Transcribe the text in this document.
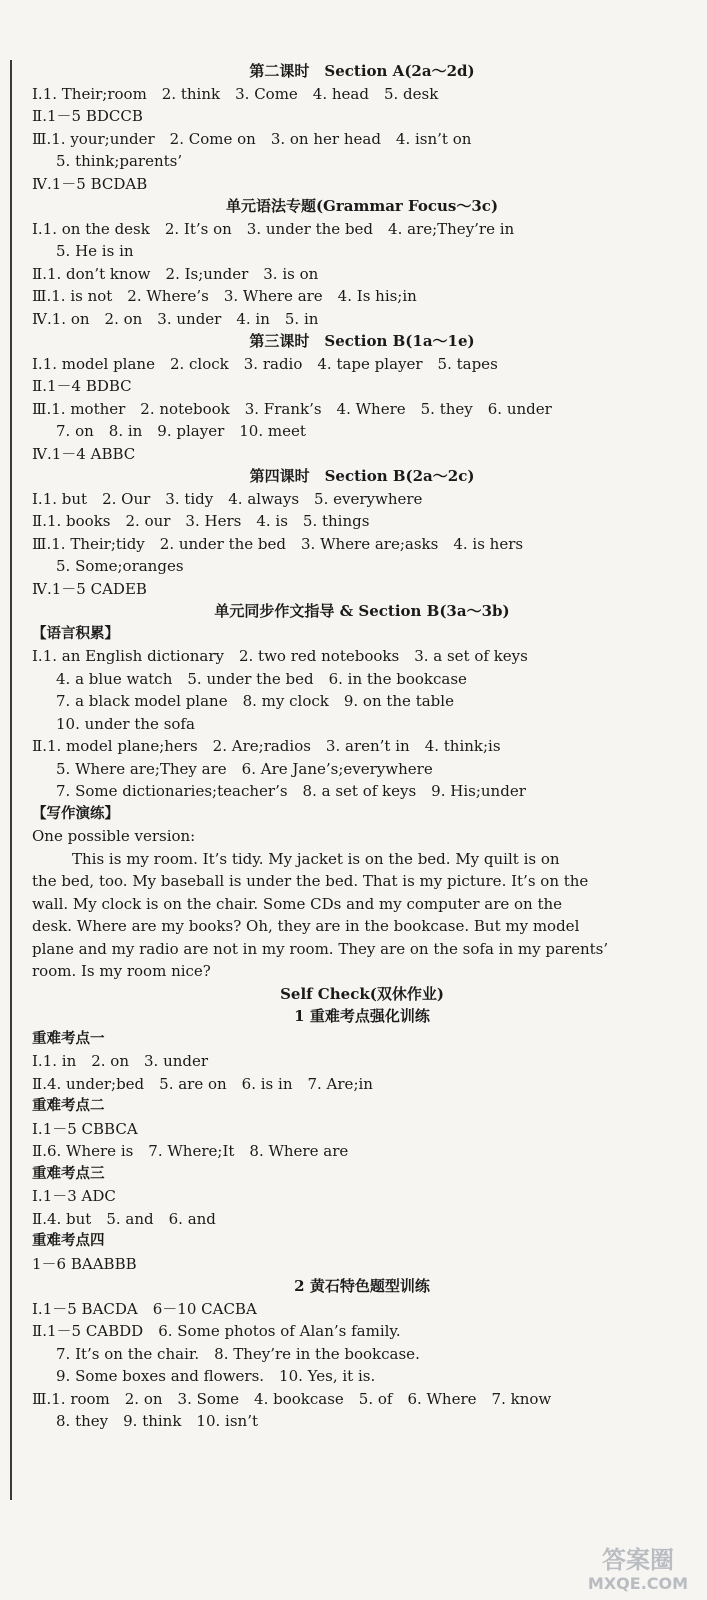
第二课时　Section A(2a～2d)
Ⅰ.1. Their;room　2. think　3. Come　4. head　5. desk
Ⅱ.1－5 BDCCB
Ⅲ.1. your;under　2. Come on　3. on her head　4. isn’t on
5. think;parents’
Ⅳ.1－5 BCDAB
单元语法专题(Grammar Focus～3c)
Ⅰ.1. on the desk　2. It’s on　3. under the bed　4. are;They’re in
5. He is in
Ⅱ.1. don’t know　2. Is;under　3. is on
Ⅲ.1. is not　2. Where’s　3. Where are　4. Is his;in
Ⅳ.1. on　2. on　3. under　4. in　5. in
第三课时　Section B(1a～1e)
Ⅰ.1. model plane　2. clock　3. radio　4. tape player　5. tapes
Ⅱ.1－4 BDBC
Ⅲ.1. mother　2. notebook　3. Frank’s　4. Where　5. they　6. under
7. on　8. in　9. player　10. meet
Ⅳ.1－4 ABBC
第四课时　Section B(2a～2c)
Ⅰ.1. but　2. Our　3. tidy　4. always　5. everywhere
Ⅱ.1. books　2. our　3. Hers　4. is　5. things
Ⅲ.1. Their;tidy　2. under the bed　3. Where are;asks　4. is hers
5. Some;oranges
Ⅳ.1－5 CADEB
单元同步作文指导 & Section B(3a～3b)
【语言积累】
Ⅰ.1. an English dictionary　2. two red notebooks　3. a set of keys
4. a blue watch　5. under the bed　6. in the bookcase
7. a black model plane　8. my clock　9. on the table
10. under the sofa
Ⅱ.1. model plane;hers　2. Are;radios　3. aren’t in　4. think;is
5. Where are;They are　6. Are Jane’s;everywhere
7. Some dictionaries;teacher’s　8. a set of keys　9. His;under
【写作演练】
One possible version:
This is my room. It’s tidy. My jacket is on the bed. My quilt is on
the bed, too. My baseball is under the bed. That is my picture. It’s on the
wall. My clock is on the chair. Some CDs and my computer are on the
desk. Where are my books? Oh, they are in the bookcase. But my model
plane and my radio are not in my room. They are on the sofa in my parents’
room. Is my room nice?
Self Check(双休作业)
1 重难考点强化训练
重难考点一
Ⅰ.1. in　2. on　3. under
Ⅱ.4. under;bed　5. are on　6. is in　7. Are;in
重难考点二
Ⅰ.1－5 CBBCA
Ⅱ.6. Where is　7. Where;It　8. Where are
重难考点三
Ⅰ.1－3 ADC
Ⅱ.4. but　5. and　6. and
重难考点四
1－6 BAABBB
2 黄石特色题型训练
Ⅰ.1－5 BACDA　6－10 CACBA
Ⅱ.1－5 CABDD　6. Some photos of Alan’s family.
7. It’s on the chair.　8. They’re in the bookcase.
9. Some boxes and flowers.　10. Yes, it is.
Ⅲ.1. room　2. on　3. Some　4. bookcase　5. of　6. Where　7. know
8. they　9. think　10. isn’t
答案圈
MXQE.COM
